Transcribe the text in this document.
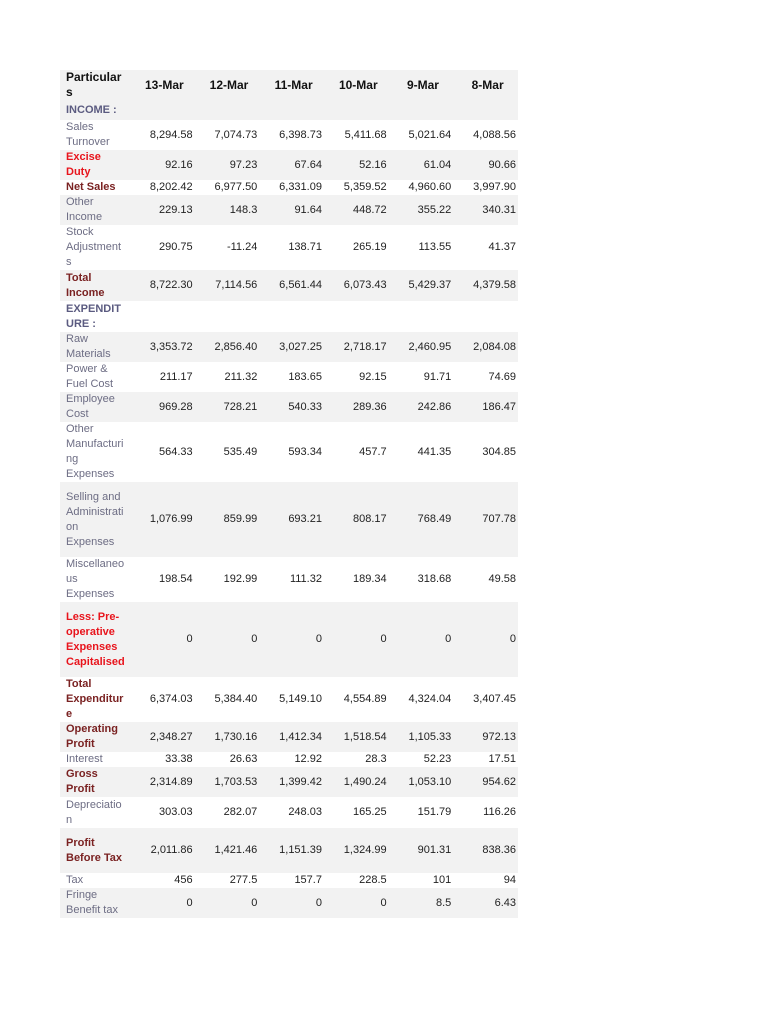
Particulars	13-Mar	12-Mar	11-Mar	10-Mar	9-Mar	8-Mar
INCOME :						
Sales Turnover	8,294.58	7,074.73	6,398.73	5,411.68	5,021.64	4,088.56
Excise Duty	92.16	97.23	67.64	52.16	61.04	90.66
Net Sales	8,202.42	6,977.50	6,331.09	5,359.52	4,960.60	3,997.90
Other Income	229.13	148.3	91.64	448.72	355.22	340.31
Stock Adjustment s	290.75	-11.24	138.71	265.19	113.55	41.37
Total Income	8,722.30	7,114.56	6,561.44	6,073.43	5,429.37	4,379.58
EXPENDIT URE :						
Raw Materials	3,353.72	2,856.40	3,027.25	2,718.17	2,460.95	2,084.08
Power & Fuel Cost	211.17	211.32	183.65	92.15	91.71	74.69
Employee Cost	969.28	728.21	540.33	289.36	242.86	186.47
Other Manufacturi ng Expenses	564.33	535.49	593.34	457.7	441.35	304.85
Selling and Administrati on Expenses	1,076.99	859.99	693.21	808.17	768.49	707.78
Miscellaneo us Expenses	198.54	192.99	111.32	189.34	318.68	49.58
Less: Pre- operative Expenses Capitalised	0	0	0	0	0	0
Total Expenditur e	6,374.03	5,384.40	5,149.10	4,554.89	4,324.04	3,407.45
Operating Profit	2,348.27	1,730.16	1,412.34	1,518.54	1,105.33	972.13
Interest	33.38	26.63	12.92	28.3	52.23	17.51
Gross Profit	2,314.89	1,703.53	1,399.42	1,490.24	1,053.10	954.62
Depreciatio n	303.03	282.07	248.03	165.25	151.79	116.26
Profit Before Tax	2,011.86	1,421.46	1,151.39	1,324.99	901.31	838.36
Tax	456	277.5	157.7	228.5	101	94
Fringe Benefit tax	0	0	0	0	8.5	6.43
